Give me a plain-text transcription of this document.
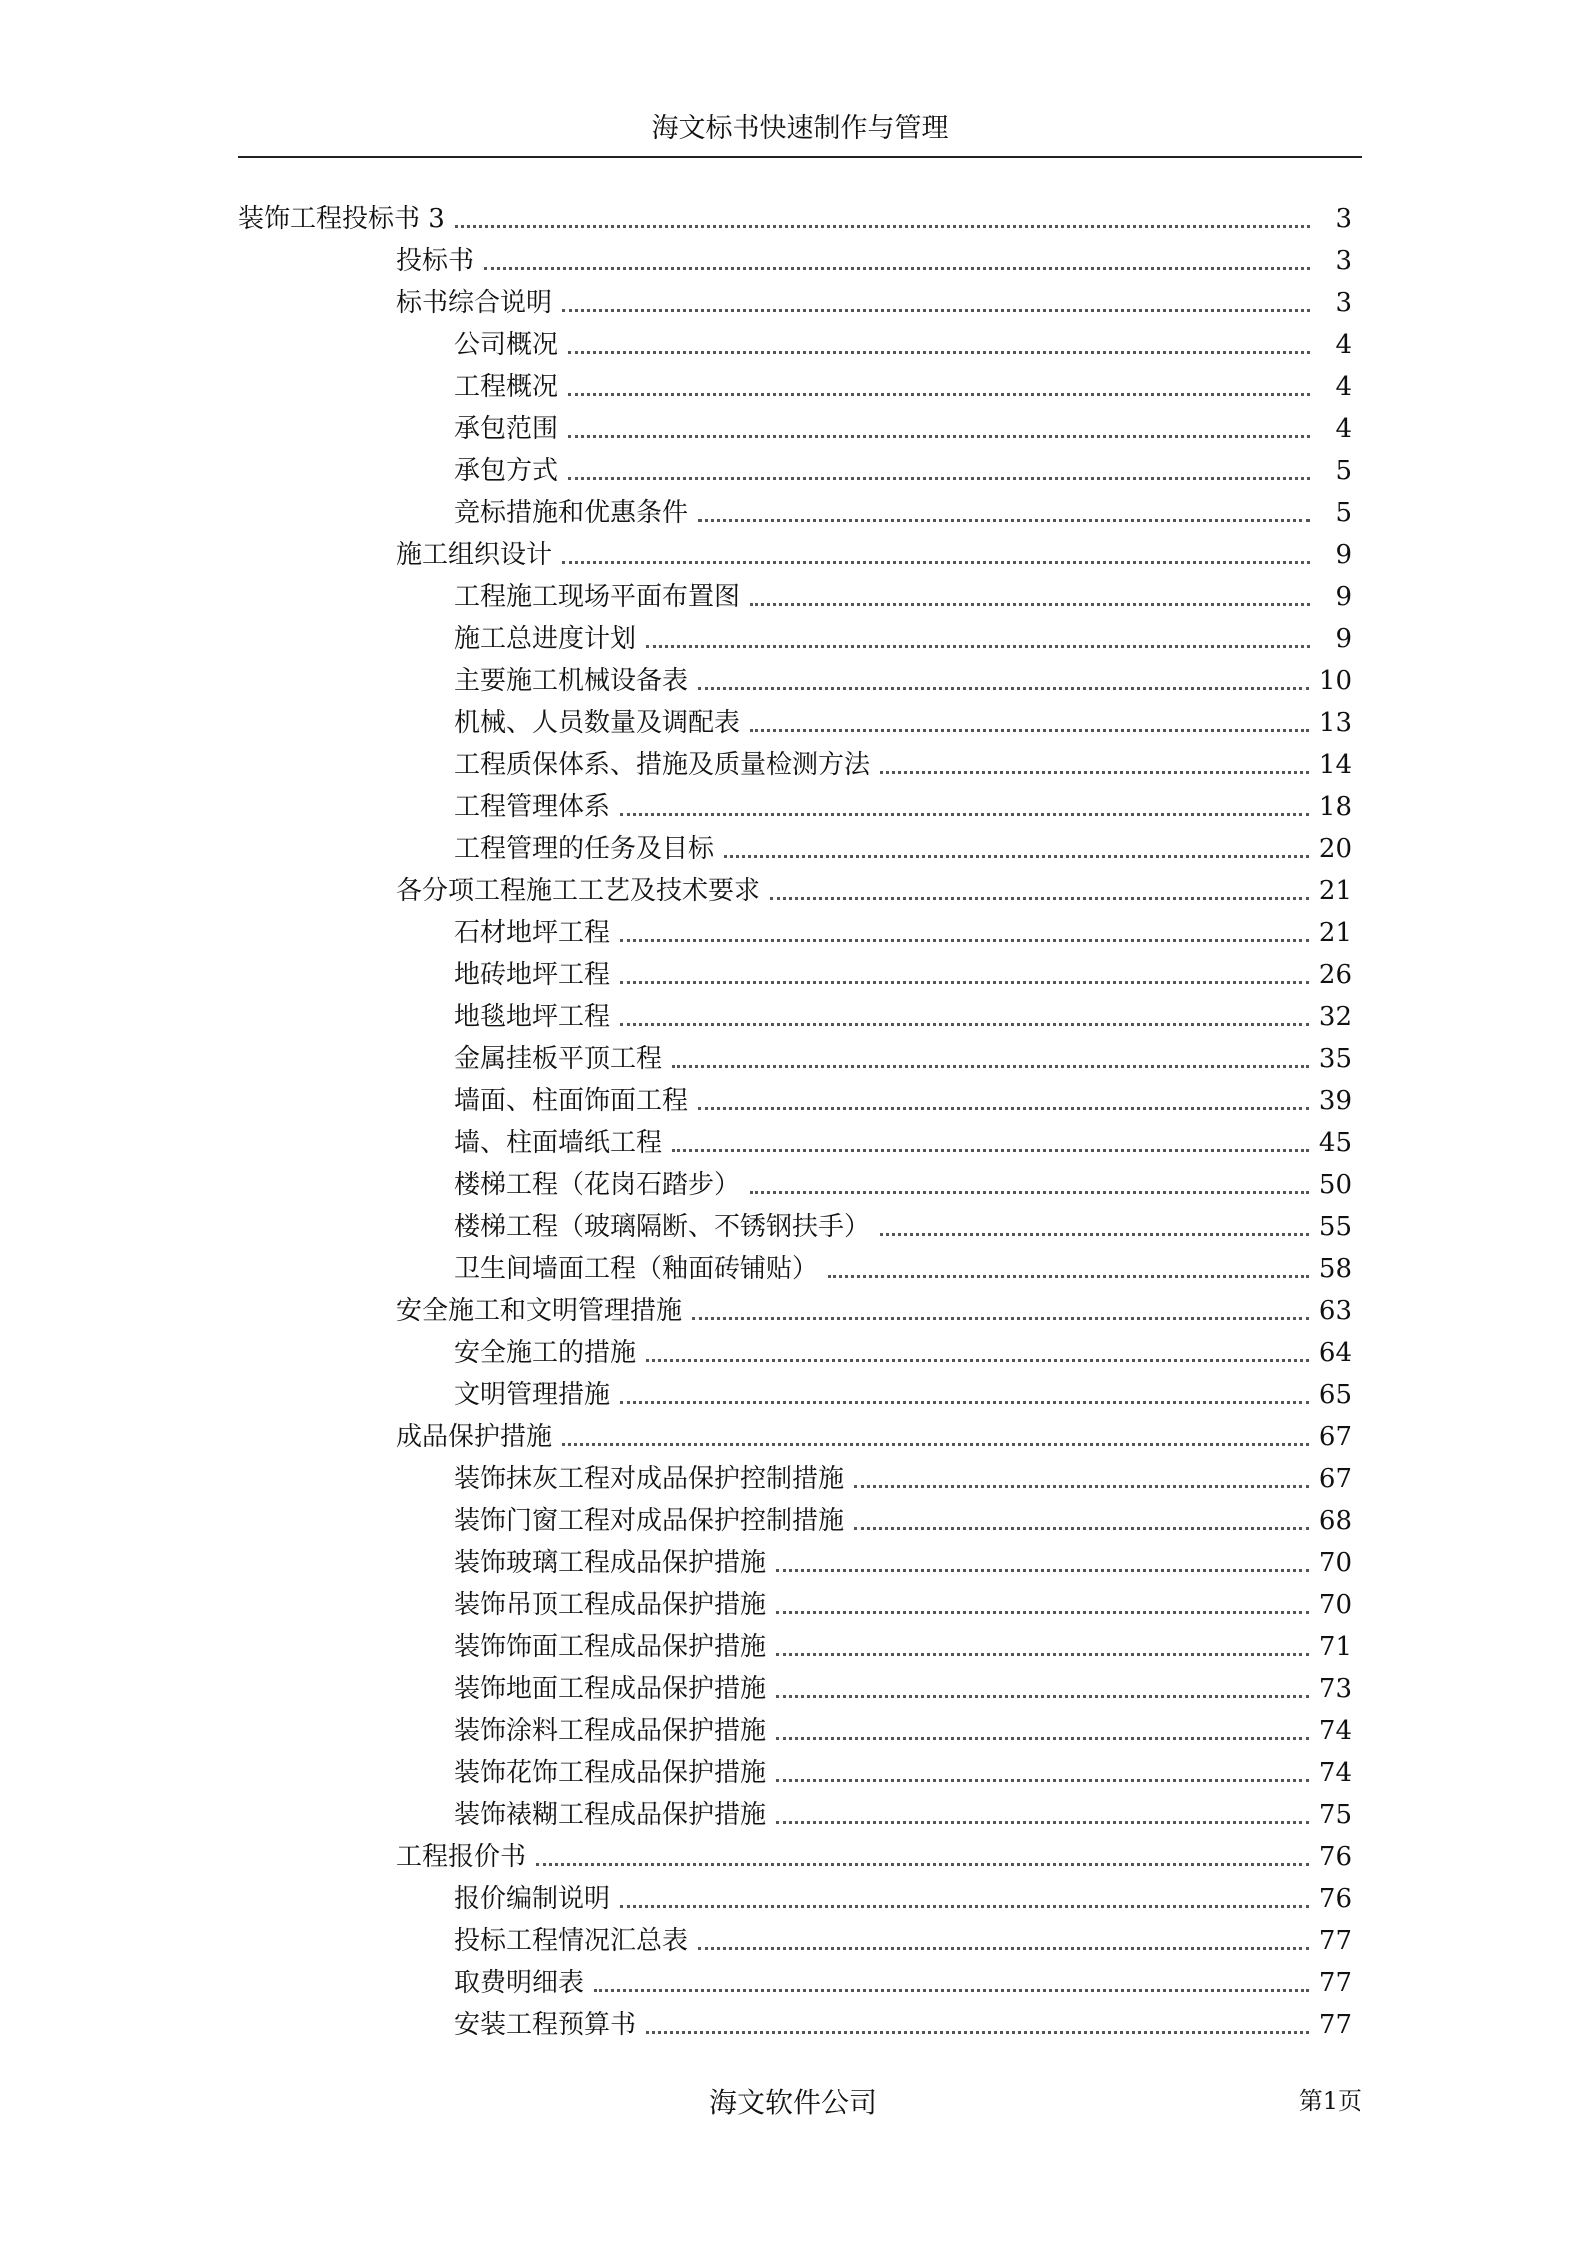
海文标书快速制作与管理
装饰工程投标书 3	3
投标书	3
标书综合说明	3
公司概况	4
工程概况	4
承包范围	4
承包方式	5
竞标措施和优惠条件	5
施工组织设计	9
工程施工现场平面布置图	9
施工总进度计划	9
主要施工机械设备表	10
机械、人员数量及调配表	13
工程质保体系、措施及质量检测方法	14
工程管理体系	18
工程管理的任务及目标	20
各分项工程施工工艺及技术要求	21
石材地坪工程	21
地砖地坪工程	26
地毯地坪工程	32
金属挂板平顶工程	35
墙面、柱面饰面工程	39
墙、柱面墙纸工程	45
楼梯工程（花岗石踏步）	50
楼梯工程（玻璃隔断、不锈钢扶手）	55
卫生间墙面工程（釉面砖铺贴）	58
安全施工和文明管理措施	63
安全施工的措施	64
文明管理措施	65
成品保护措施	67
装饰抹灰工程对成品保护控制措施	67
装饰门窗工程对成品保护控制措施	68
装饰玻璃工程成品保护措施	70
装饰吊顶工程成品保护措施	70
装饰饰面工程成品保护措施	71
装饰地面工程成品保护措施	73
装饰涂料工程成品保护措施	74
装饰花饰工程成品保护措施	74
装饰裱糊工程成品保护措施	75
工程报价书	76
报价编制说明	76
投标工程情况汇总表	77
取费明细表	77
安装工程预算书	77
海文软件公司	第1页
